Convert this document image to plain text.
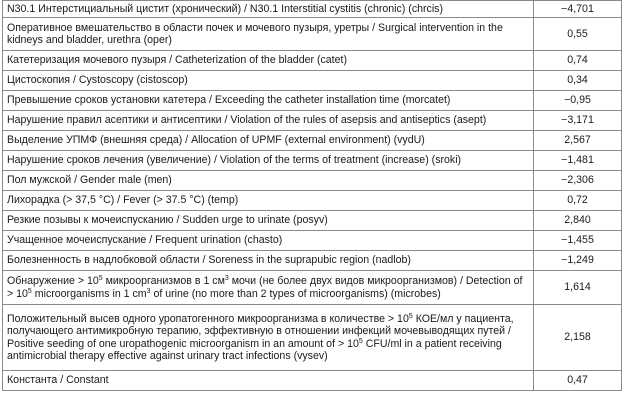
N30.1 Интерстициальный цистит (хронический) / N30.1 Interstitial cystitis (chronic) (chrcis)	−4,701
Оперативное вмешательство в области почек и мочевого пузыря, уретры / Surgical intervention in the kidneys and bladder, urethra (oper)	0,55
Катетеризация мочевого пузыря / Catheterization of the bladder (catet)	0,74
Цистоскопия / Cystoscopy (cistoscop)	0,34
Превышение сроков установки катетера / Exceeding the catheter installation time (morcatet)	−0,95
Нарушение правил асептики и антисептики / Violation of the rules of asepsis and antiseptics (asept)	−3,171
Выделение УПМФ (внешняя среда) / Allocation of UPMF (external environment) (vydU)	2,567
Нарушение сроков лечения (увеличение) / Violation of the terms of treatment (increase) (sroki)	−1,481
Пол мужской / Gender male (men)	−2,306
Лихорадка (> 37,5 °С) / Fever (> 37.5 °С) (temp)	0,72
Резкие позывы к мочеиспусканию / Sudden urge to urinate (posyv)	2,840
Учащенное мочеиспускание / Frequent urination (chasto)	−1,455
Болезненность в надлобковой области / Soreness in the suprapubic region (nadlob)	−1,249
Обнаружение > $10^5$ микроорганизмов в 1 $см^3$ мочи (не более двух видов микроорганизмов) / Detection of > $10^5$ microorganisms in 1 $cm^3$ of urine (no more than 2 types of microorganisms) (microbes)	1,614
Положительный высев одного уропатогенного микроорганизма в количестве > $10^5$ КОЕ/мл у пациента, получающего антимикробную терапию, эффективную в отношении инфекций мочевыводящих путей / Positive seeding of one uropathogenic microorganism in an amount of > $10^5$ CFU/ml in a patient receiving antimicrobial therapy effective against urinary tract infections (vysev)	2,158
Константа / Constant	0,47
